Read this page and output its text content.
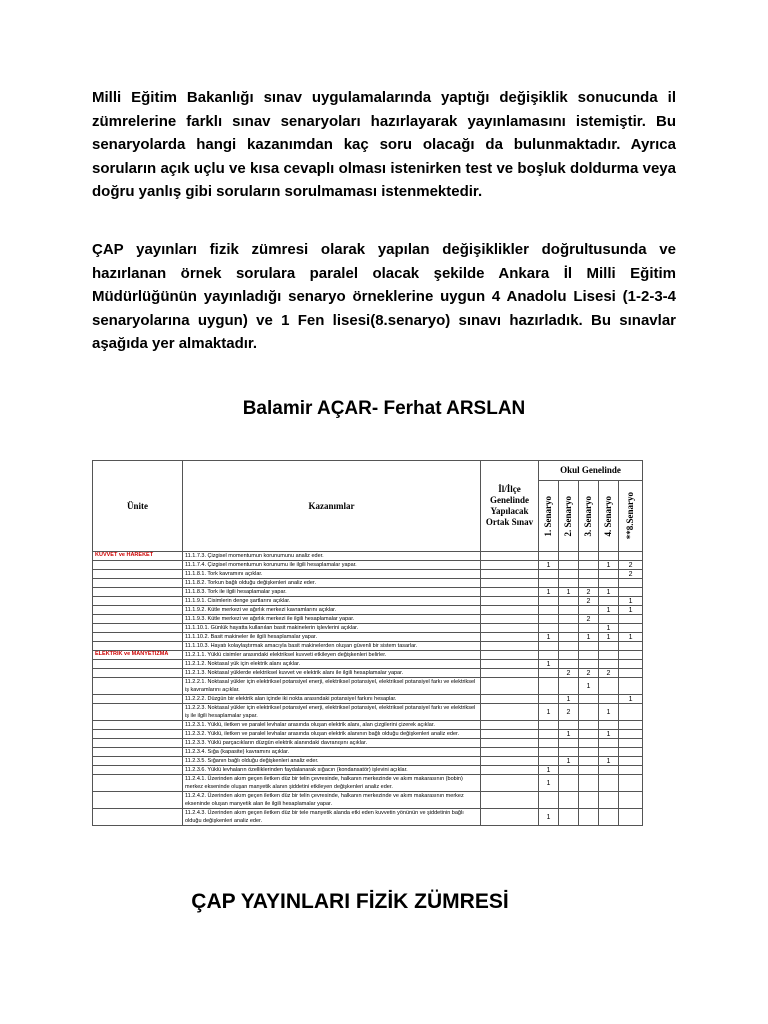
Milli Eğitim Bakanlığı sınav uygulamalarında yaptığı değişiklik sonucunda il zümrelerine farklı sınav senaryoları hazırlayarak yayınlamasını istemiştir. Bu senaryolarda hangi kazanımdan kaç soru olacağı da bulunmaktadır. Ayrıca soruların açık uçlu ve kısa cevaplı olması istenirken test ve boşluk doldurma veya doğru yanlış gibi soruların sorulmaması istenmektedir.

ÇAP yayınları fizik zümresi olarak yapılan değişiklikler doğrultusunda ve hazırlanan örnek sorulara paralel olacak şekilde Ankara İl Milli Eğitim Müdürlüğünün yayınladığı senaryo örneklerine uygun 4 Anadolu Lisesi (1-2-3-4 senaryolarına uygun) ve 1 Fen lisesi(8.senaryo) sınavı hazırladık. Bu sınavlar aşağıda yer almaktadır.

Balamir AÇAR- Ferhat ARSLAN
Ünite	Kazanımlar	İl/İlçe Genelinde Yapılacak Ortak Sınav	Okul Genelinde				

			1. Senaryo	2. Senaryo	3. Senaryo	4. Senaryo	**8.Senaryo

KUVVET ve HAREKET	11.1.7.3. Çizgisel momentumun korunumunu analiz eder.						
	11.1.7.4. Çizgisel momentumun korunumu ile ilgili hesaplamalar yapar.		1			1	2
	11.1.8.1. Tork kavramını açıklar.						2
	11.1.8.2. Torkun bağlı olduğu değişkenleri analiz eder.						
	11.1.8.3. Tork ile ilgili hesaplamalar yapar.		1	1	2	1	
	11.1.9.1. Cisimlerin denge şartlarını açıklar.				2		1
	11.1.9.2. Kütle merkezi ve ağırlık merkezi kavramlarını açıklar.					1	1
	11.1.9.3. Kütle merkezi ve ağırlık merkezi ile ilgili hesaplamalar yapar.				2		
	11.1.10.1. Günlük hayatta kullanılan basit makinelerin işlevlerini açıklar.					1	
	11.1.10.2. Basit makineler ile ilgili hesaplamalar yapar.		1		1	1	1
	11.1.10.3. Hayatı kolaylaştırmak amacıyla basit makinelerden oluşan güvenli bir sistem tasarlar.						
ELEKTRİK ve MANYETİZMA	11.2.1.1. Yüklü cisimler arasındaki elektriksel kuvveti etkileyen değişkenleri belirler.						
	11.2.1.2. Noktasal yük için elektrik alanı açıklar.		1				
	11.2.1.3. Noktasal yüklerde elektriksel kuvvet ve elektrik alanı ile ilgili hesaplamalar yapar.			2	2	2	
	11.2.2.1. Noktasal yükler için elektriksel potansiyel enerji, elektriksel potansiyel, elektriksel potansiyel farkı ve elektriksel iş kavramlarını açıklar.				1		
	11.2.2.2. Düzgün bir elektrik alan içinde iki nokta arasındaki potansiyel farkını hesaplar.			1			1
	11.2.2.3. Noktasal yükler için elektriksel potansiyel enerji, elektriksel potansiyel, elektriksel potansiyel farkı ve elektriksel iş ile ilgili hesaplamalar yapar.		1	2		1	
	11.2.3.1. Yüklü, iletken ve paralel levhalar arasında oluşan elektrik alanı, alan çizgilerini çizerek açıklar.						
	11.2.3.2. Yüklü, iletken ve paralel levhalar arasında oluşan elektrik alanının bağlı olduğu değişkenleri analiz eder.			1		1	
	11.2.3.3. Yüklü parçacıkların düzgün elektrik alanındaki davranışını açıklar.						
	11.2.3.4. Sığa (kapasite) kavramını açıklar.						
	11.2.3.5. Sığanın bağlı olduğu değişkenleri analiz eder.			1		1	
	11.2.3.6. Yüklü levhaların özelliklerinden faydalanarak sığacın (kondansatör) işlevini açıklar.		1				
	11.2.4.1. Üzerinden akım geçen iletken düz bir telin çevresinde, halkanın merkezinde ve akım makarasının (bobin) merkez ekseninde oluşan manyetik alanın şiddetini etkileyen değişkenleri analiz eder.		1				
	11.2.4.2. Üzerinden akım geçen iletken düz bir telin çevresinde, halkanın merkezinde ve akım makarasının merkez ekseninde oluşan manyetik alan ile ilgili hesaplamalar yapar.						
	11.2.4.3. Üzerinden akım geçen iletken düz bir tele manyetik alanda etki eden kuvvetin yönünün ve şiddetinin bağlı olduğu değişkenleri analiz eder.		1				
ÇAP YAYINLARI FİZİK ZÜMRESİ
